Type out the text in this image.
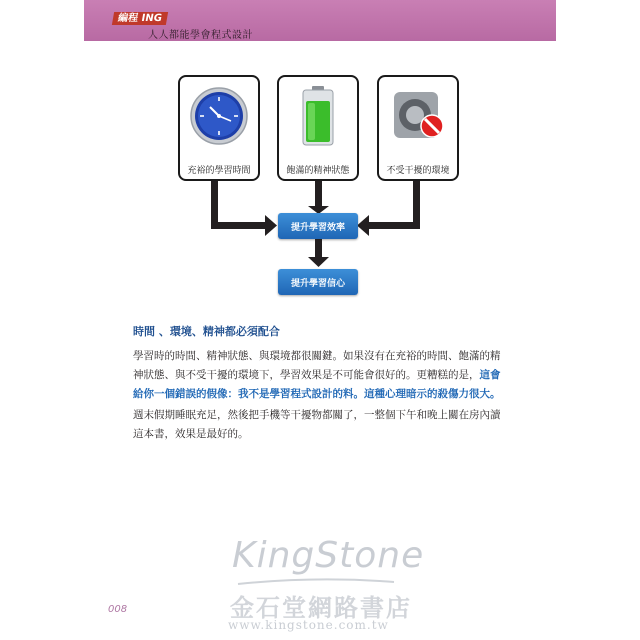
編程 ING
人人都能學會程式設計
充裕的學習時間	飽滿的精神狀態	不受干擾的環境
提升學習效率
提升學習信心
時間 、環境、精神都必須配合
學習時的時間、精神狀態、與環境都很關鍵。如果沒有在充裕的時間、飽滿的精神狀態、與不受干擾的環境下，學習效果是不可能會很好的。更糟糕的是，這會給你一個錯誤的假像：我不是學習程式設計的料。這種心理暗示的殺傷力很大。
週末假期睡眠充足，然後把手機等干擾物都關了，一整個下午和晚上關在房內讀這本書，效果是最好的。
KingStone
金石堂網路書店
www.kingstone.com.tw
008
